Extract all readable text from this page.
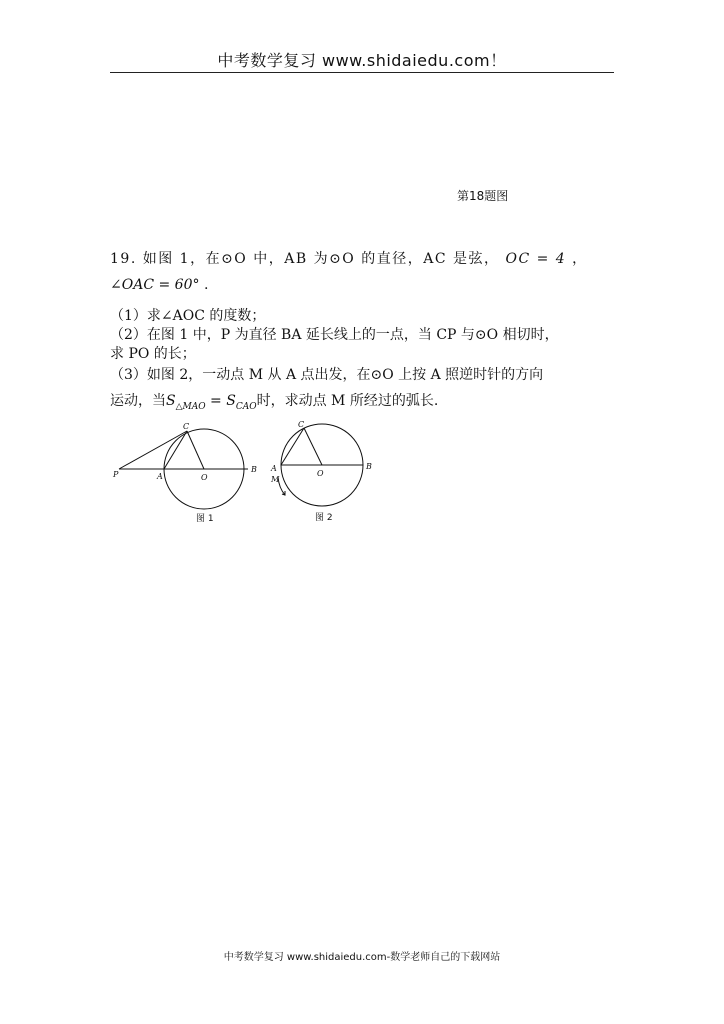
中考数学复习 www.shidaiedu.com！
第18题图
19. 如图 1，在⊙O 中，AB 为⊙O 的直径，AC 是弦， OC = 4 ，
∠OAC = 60° .
（1）求∠AOC 的度数；
（2）在图 1 中，P 为直径 BA 延长线上的一点，当 CP 与⊙O 相切时，
求 PO 的长；
（3）如图 2，一动点 M 从 A 点出发，在⊙O 上按 A 照逆时针的方向
运动，当$S_{\triangle MAO} = S_{CAO}$时，求动点 M 所经过的弧长.
C
P	A	O
B
图 1
C
A
M
O
B
图 2
中考数学复习 www.shidaiedu.com-数学老师自己的下载网站
